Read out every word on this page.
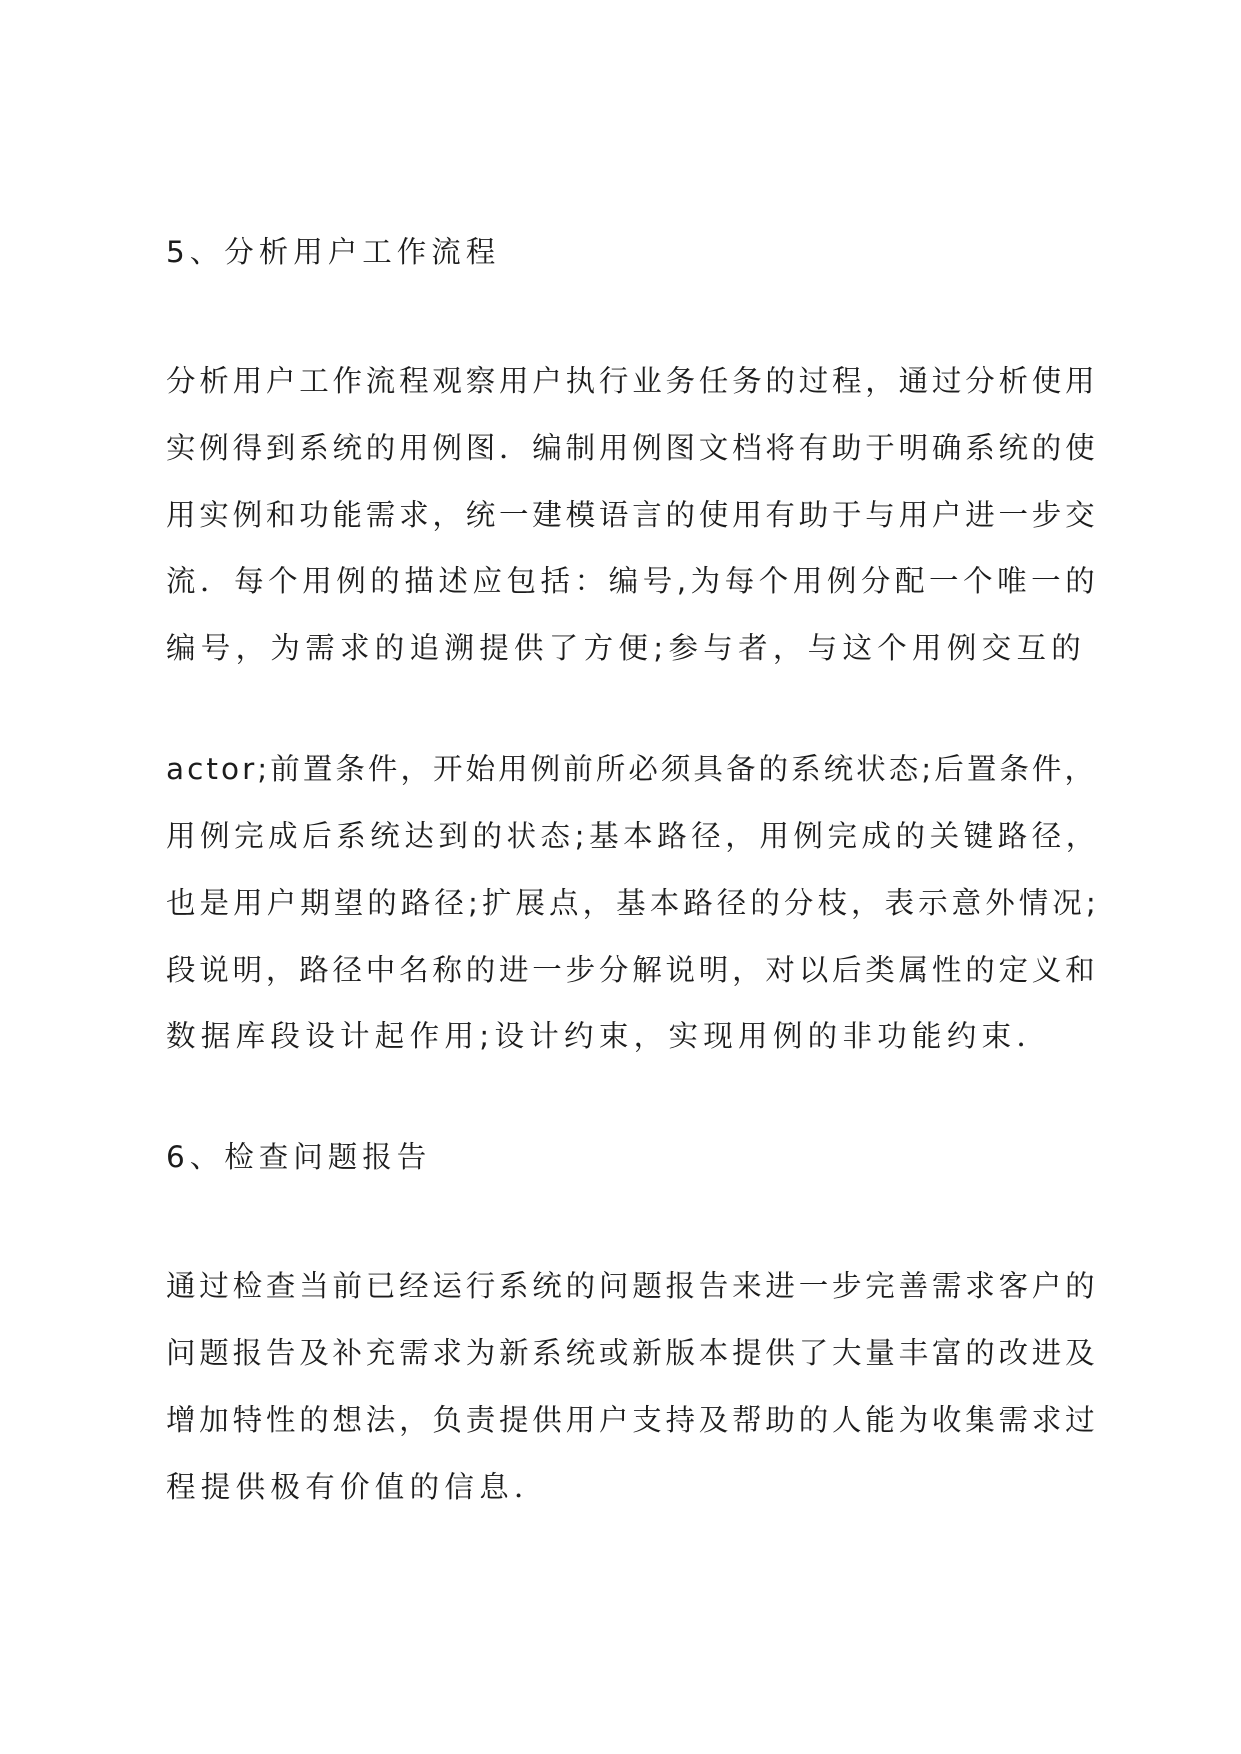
5、分析用户工作流程

分析用户工作流程观察用户执行业务任务的过程，通过分析使用

实例得到系统的用例图．编制用例图文档将有助于明确系统的使

用实例和功能需求，统一建模语言的使用有助于与用户进一步交

流．每个用例的描述应包括：编号,为每个用例分配一个唯一的

编号，为需求的追溯提供了方便;参与者，与这个用例交互的

actor;前置条件，开始用例前所必须具备的系统状态;后置条件，

用例完成后系统达到的状态;基本路径，用例完成的关键路径，

也是用户期望的路径;扩展点，基本路径的分枝，表示意外情况;

段说明，路径中名称的进一步分解说明，对以后类属性的定义和

数据库段设计起作用;设计约束，实现用例的非功能约束．

6、检查问题报告

通过检查当前已经运行系统的问题报告来进一步完善需求客户的

问题报告及补充需求为新系统或新版本提供了大量丰富的改进及

增加特性的想法，负责提供用户支持及帮助的人能为收集需求过

程提供极有价值的信息．
